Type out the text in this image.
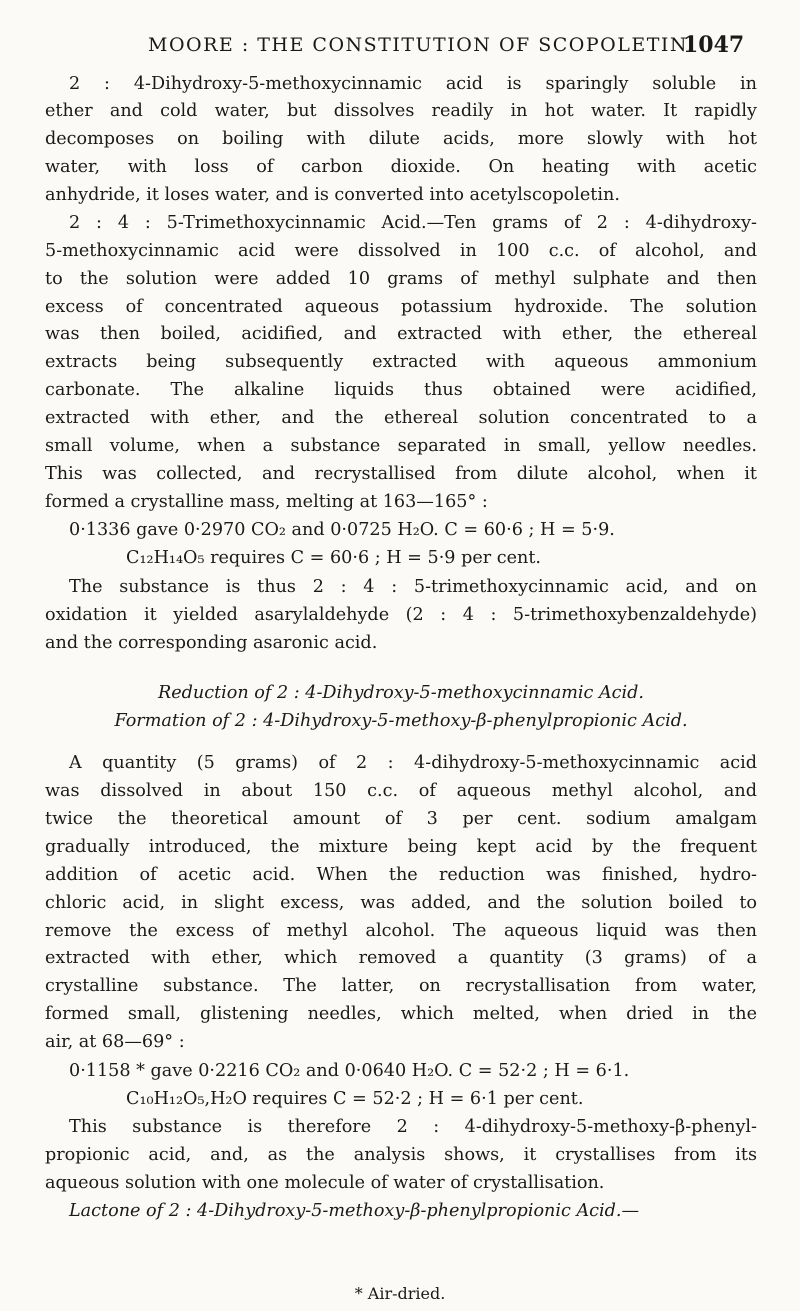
MOORE : THE CONSTITUTION OF SCOPOLETIN.
1047
2 : 4-Dihydroxy-5-methoxycinnamic acid is sparingly soluble in
ether and cold water, but dissolves readily in hot water. It rapidly
decomposes on boiling with dilute acids, more slowly with hot
water, with loss of carbon dioxide. On heating with acetic
anhydride, it loses water, and is converted into acetylscopoletin.
2 : 4 : 5-Trimethoxycinnamic Acid.—Ten grams of 2 : 4-dihydroxy-
5-methoxycinnamic acid were dissolved in 100 c.c. of alcohol, and
to the solution were added 10 grams of methyl sulphate and then
excess of concentrated aqueous potassium hydroxide. The solution
was then boiled, acidified, and extracted with ether, the ethereal
extracts being subsequently extracted with aqueous ammonium
carbonate. The alkaline liquids thus obtained were acidified,
extracted with ether, and the ethereal solution concentrated to a
small volume, when a substance separated in small, yellow needles.
This was collected, and recrystallised from dilute alcohol, when it
formed a crystalline mass, melting at 163—165° :
0·1336 gave 0·2970 CO₂ and 0·0725 H₂O. C = 60·6 ; H = 5·9.
C₁₂H₁₄O₅ requires C = 60·6 ; H = 5·9 per cent.
The substance is thus 2 : 4 : 5-trimethoxycinnamic acid, and on
oxidation it yielded asarylaldehyde (2 : 4 : 5-trimethoxybenzaldehyde)
and the corresponding asaronic acid.
Reduction of 2 : 4-Dihydroxy-5-methoxycinnamic Acid.
Formation of 2 : 4-Dihydroxy-5-methoxy-β-phenylpropionic Acid.
A quantity (5 grams) of 2 : 4-dihydroxy-5-methoxycinnamic acid
was dissolved in about 150 c.c. of aqueous methyl alcohol, and
twice the theoretical amount of 3 per cent. sodium amalgam
gradually introduced, the mixture being kept acid by the frequent
addition of acetic acid. When the reduction was finished, hydro-
chloric acid, in slight excess, was added, and the solution boiled to
remove the excess of methyl alcohol. The aqueous liquid was then
extracted with ether, which removed a quantity (3 grams) of a
crystalline substance. The latter, on recrystallisation from water,
formed small, glistening needles, which melted, when dried in the
air, at 68—69° :
0·1158 * gave 0·2216 CO₂ and 0·0640 H₂O. C = 52·2 ; H = 6·1.
C₁₀H₁₂O₅,H₂O requires C = 52·2 ; H = 6·1 per cent.
This substance is therefore 2 : 4-dihydroxy-5-methoxy-β-phenyl-
propionic acid, and, as the analysis shows, it crystallises from its
aqueous solution with one molecule of water of crystallisation.
Lactone of 2 : 4-Dihydroxy-5-methoxy-β-phenylpropionic Acid.—
* Air-dried.
